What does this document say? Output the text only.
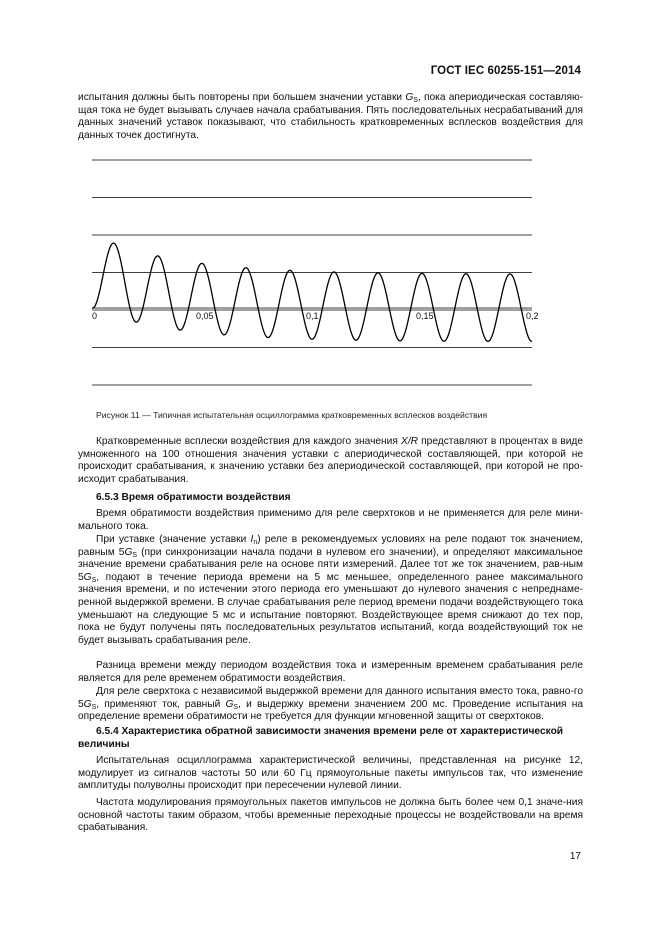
ГОСТ IEC 60255-151—2014
испытания должны быть повторены при большем значении уставки $G_S$, пока апериодическая составляю-щая тока не будет вызывать случаев начала срабатывания. Пять последовательных несрабатываний для данных значений уставок показывают, что стабильность кратковременных всплесков воздействия для данных точек достигнута.
0	0,05	0,1	0,15	0,2
Рисунок 11 — Типичная испытательная осциллограмма кратковременных всплесков воздействия
Кратковременные всплески воздействия для каждого значения X/R представляют в процентах в виде умноженного на 100 отношения значения уставки с апериодической составляющей, при которой не происходит срабатывания, к значению уставки без апериодической составляющей, при которой не про-исходит срабатывания.
6.5.3 Время обратимости воздействия
Время обратимости воздействия применимо для реле сверхтоков и не применяется для реле мини-мального тока.
При уставке (значение уставки $I_n$) реле в рекомендуемых условиях на реле подают ток значением, равным $5G_S$ (при синхронизации начала подачи в нулевом его значении), и определяют максимальное значение времени срабатывания реле на основе пяти измерений. Далее тот же ток значением, рав-ным $5G_S$, подают в течение периода времени на 5 мс меньшее, определенного ранее максимального значения времени, и по истечении этого периода его уменьшают до нулевого значения с непреднаме-ренной выдержкой времени. В случае срабатывания реле период времени подачи воздействующего тока уменьшают на следующие 5 мс и испытание повторяют. Воздействующее время снижают до тех пор, пока не будут получены пять последовательных результатов испытаний, когда воздействующий ток не будет вызывать срабатывания реле.
Разница времени между периодом воздействия тока и измеренным временем срабатывания реле является для реле временем обратимости воздействия.
Для реле сверхтока с независимой выдержкой времени для данного испытания вместо тока, равно-го $5G_S$, применяют ток, равный $G_S$, и выдержку времени значением 200 мс. Проведение испытания на определение времени обратимости не требуется для функции мгновенной защиты от сверхтоков.
6.5.4 Характеристика обратной зависимости значения времени реле от характеристической величины
Испытательная осциллограмма характеристической величины, представленная на рисунке 12, модулирует из сигналов частоты 50 или 60 Гц прямоугольные пакеты импульсов так, что изменение амплитуды полуволны происходит при пересечении нулевой линии.
Частота модулирования прямоугольных пакетов импульсов не должна быть более чем 0,1 значе-ния основной частоты таким образом, чтобы временные переходные процессы не воздействовали на время срабатывания.
17
